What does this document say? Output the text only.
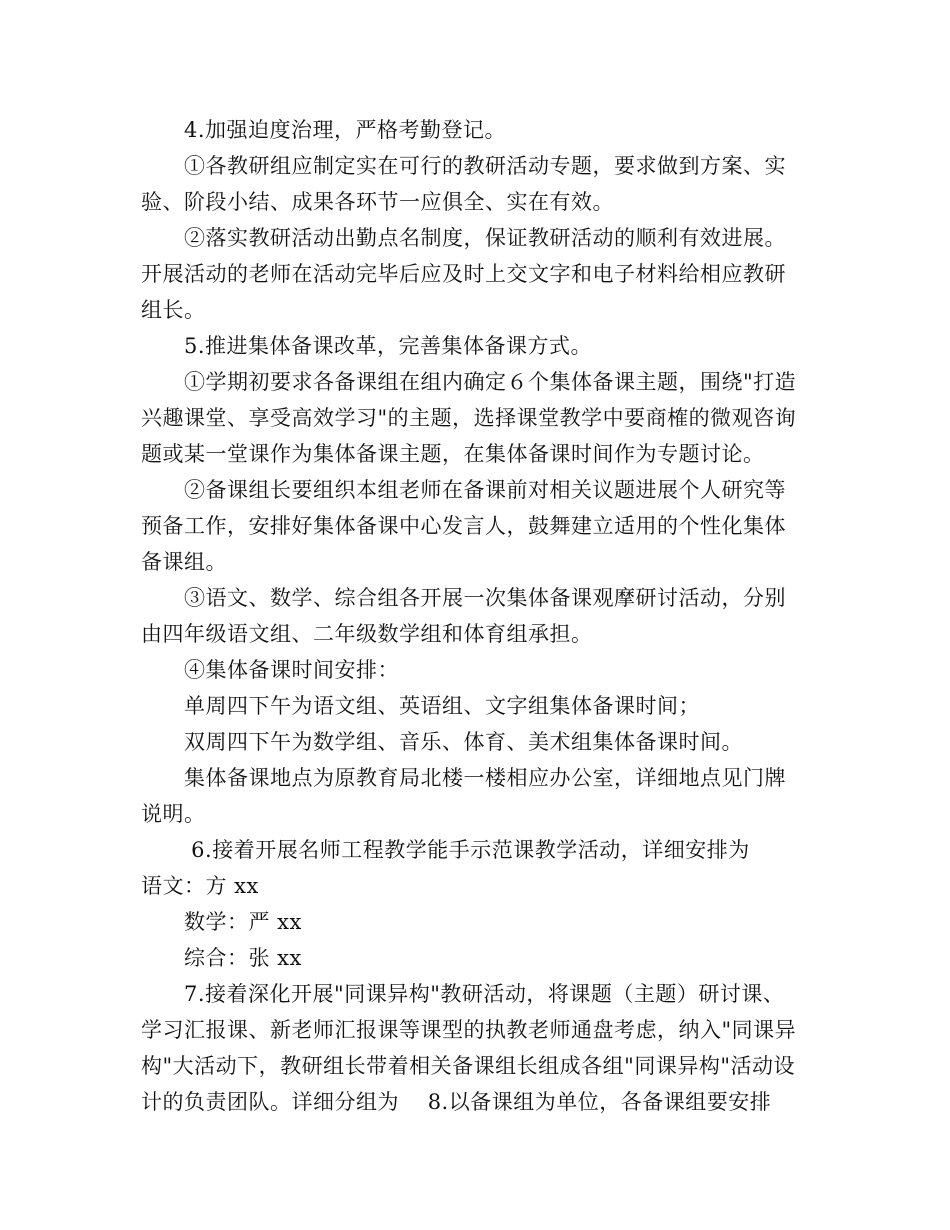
4.加强迫度治理，严格考勤登记。
①各教研组应制定实在可行的教研活动专题，要求做到方案、实
验、阶段小结、成果各环节一应俱全、实在有效。
②落实教研活动出勤点名制度，保证教研活动的顺利有效进展。
开展活动的老师在活动完毕后应及时上交文字和电子材料给相应教研
组长。
5.推进集体备课改革，完善集体备课方式。
①学期初要求各备课组在组内确定６个集体备课主题，围绕"打造
兴趣课堂、享受高效学习"的主题，选择课堂教学中要商榷的微观咨询
题或某一堂课作为集体备课主题，在集体备课时间作为专题讨论。
②备课组长要组织本组老师在备课前对相关议题进展个人研究等
预备工作，安排好集体备课中心发言人，鼓舞建立适用的个性化集体
备课组。
③语文、数学、综合组各开展一次集体备课观摩研讨活动，分别
由四年级语文组、二年级数学组和体育组承担。
④集体备课时间安排：
单周四下午为语文组、英语组、文字组集体备课时间；
双周四下午为数学组、音乐、体育、美术组集体备课时间。
集体备课地点为原教育局北楼一楼相应办公室，详细地点见门牌
说明。
6.接着开展名师工程教学能手示范课教学活动，详细安排为
语文：方 xx
数学：严 xx
综合：张 xx
7.接着深化开展"同课异构"教研活动，将课题（主题）研讨课、
学习汇报课、新老师汇报课等课型的执教老师通盘考虑，纳入"同课异
构"大活动下，教研组长带着相关备课组长组成各组"同课异构"活动设
计的负责团队。详细分组为    8.以备课组为单位，各备课组要安排
